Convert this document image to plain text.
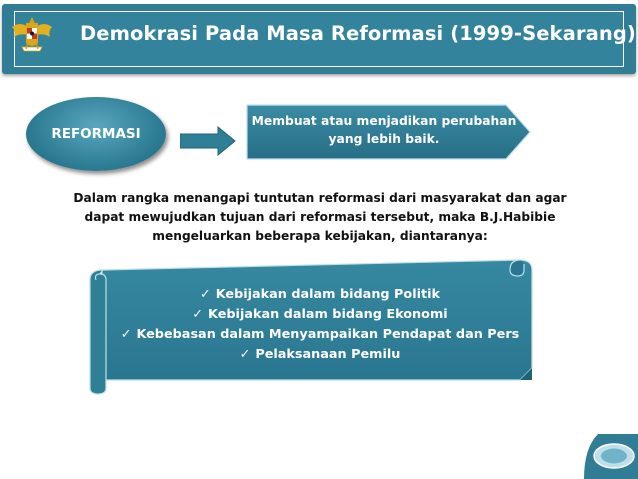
Demokrasi Pada Masa Reformasi (1999-Sekarang)
REFORMASI
Membuat atau menjadikan perubahan
yang lebih baik.
Dalam rangka menangapi tuntutan reformasi dari masyarakat dan agar
dapat mewujudkan tujuan dari reformasi tersebut, maka B.J.Habibie
mengeluarkan beberapa kebijakan, diantaranya:
✓ Kebijakan dalam bidang Politik
✓ Kebijakan dalam bidang Ekonomi
✓ Kebebasan dalam Menyampaikan Pendapat dan Pers
✓ Pelaksanaan Pemilu
